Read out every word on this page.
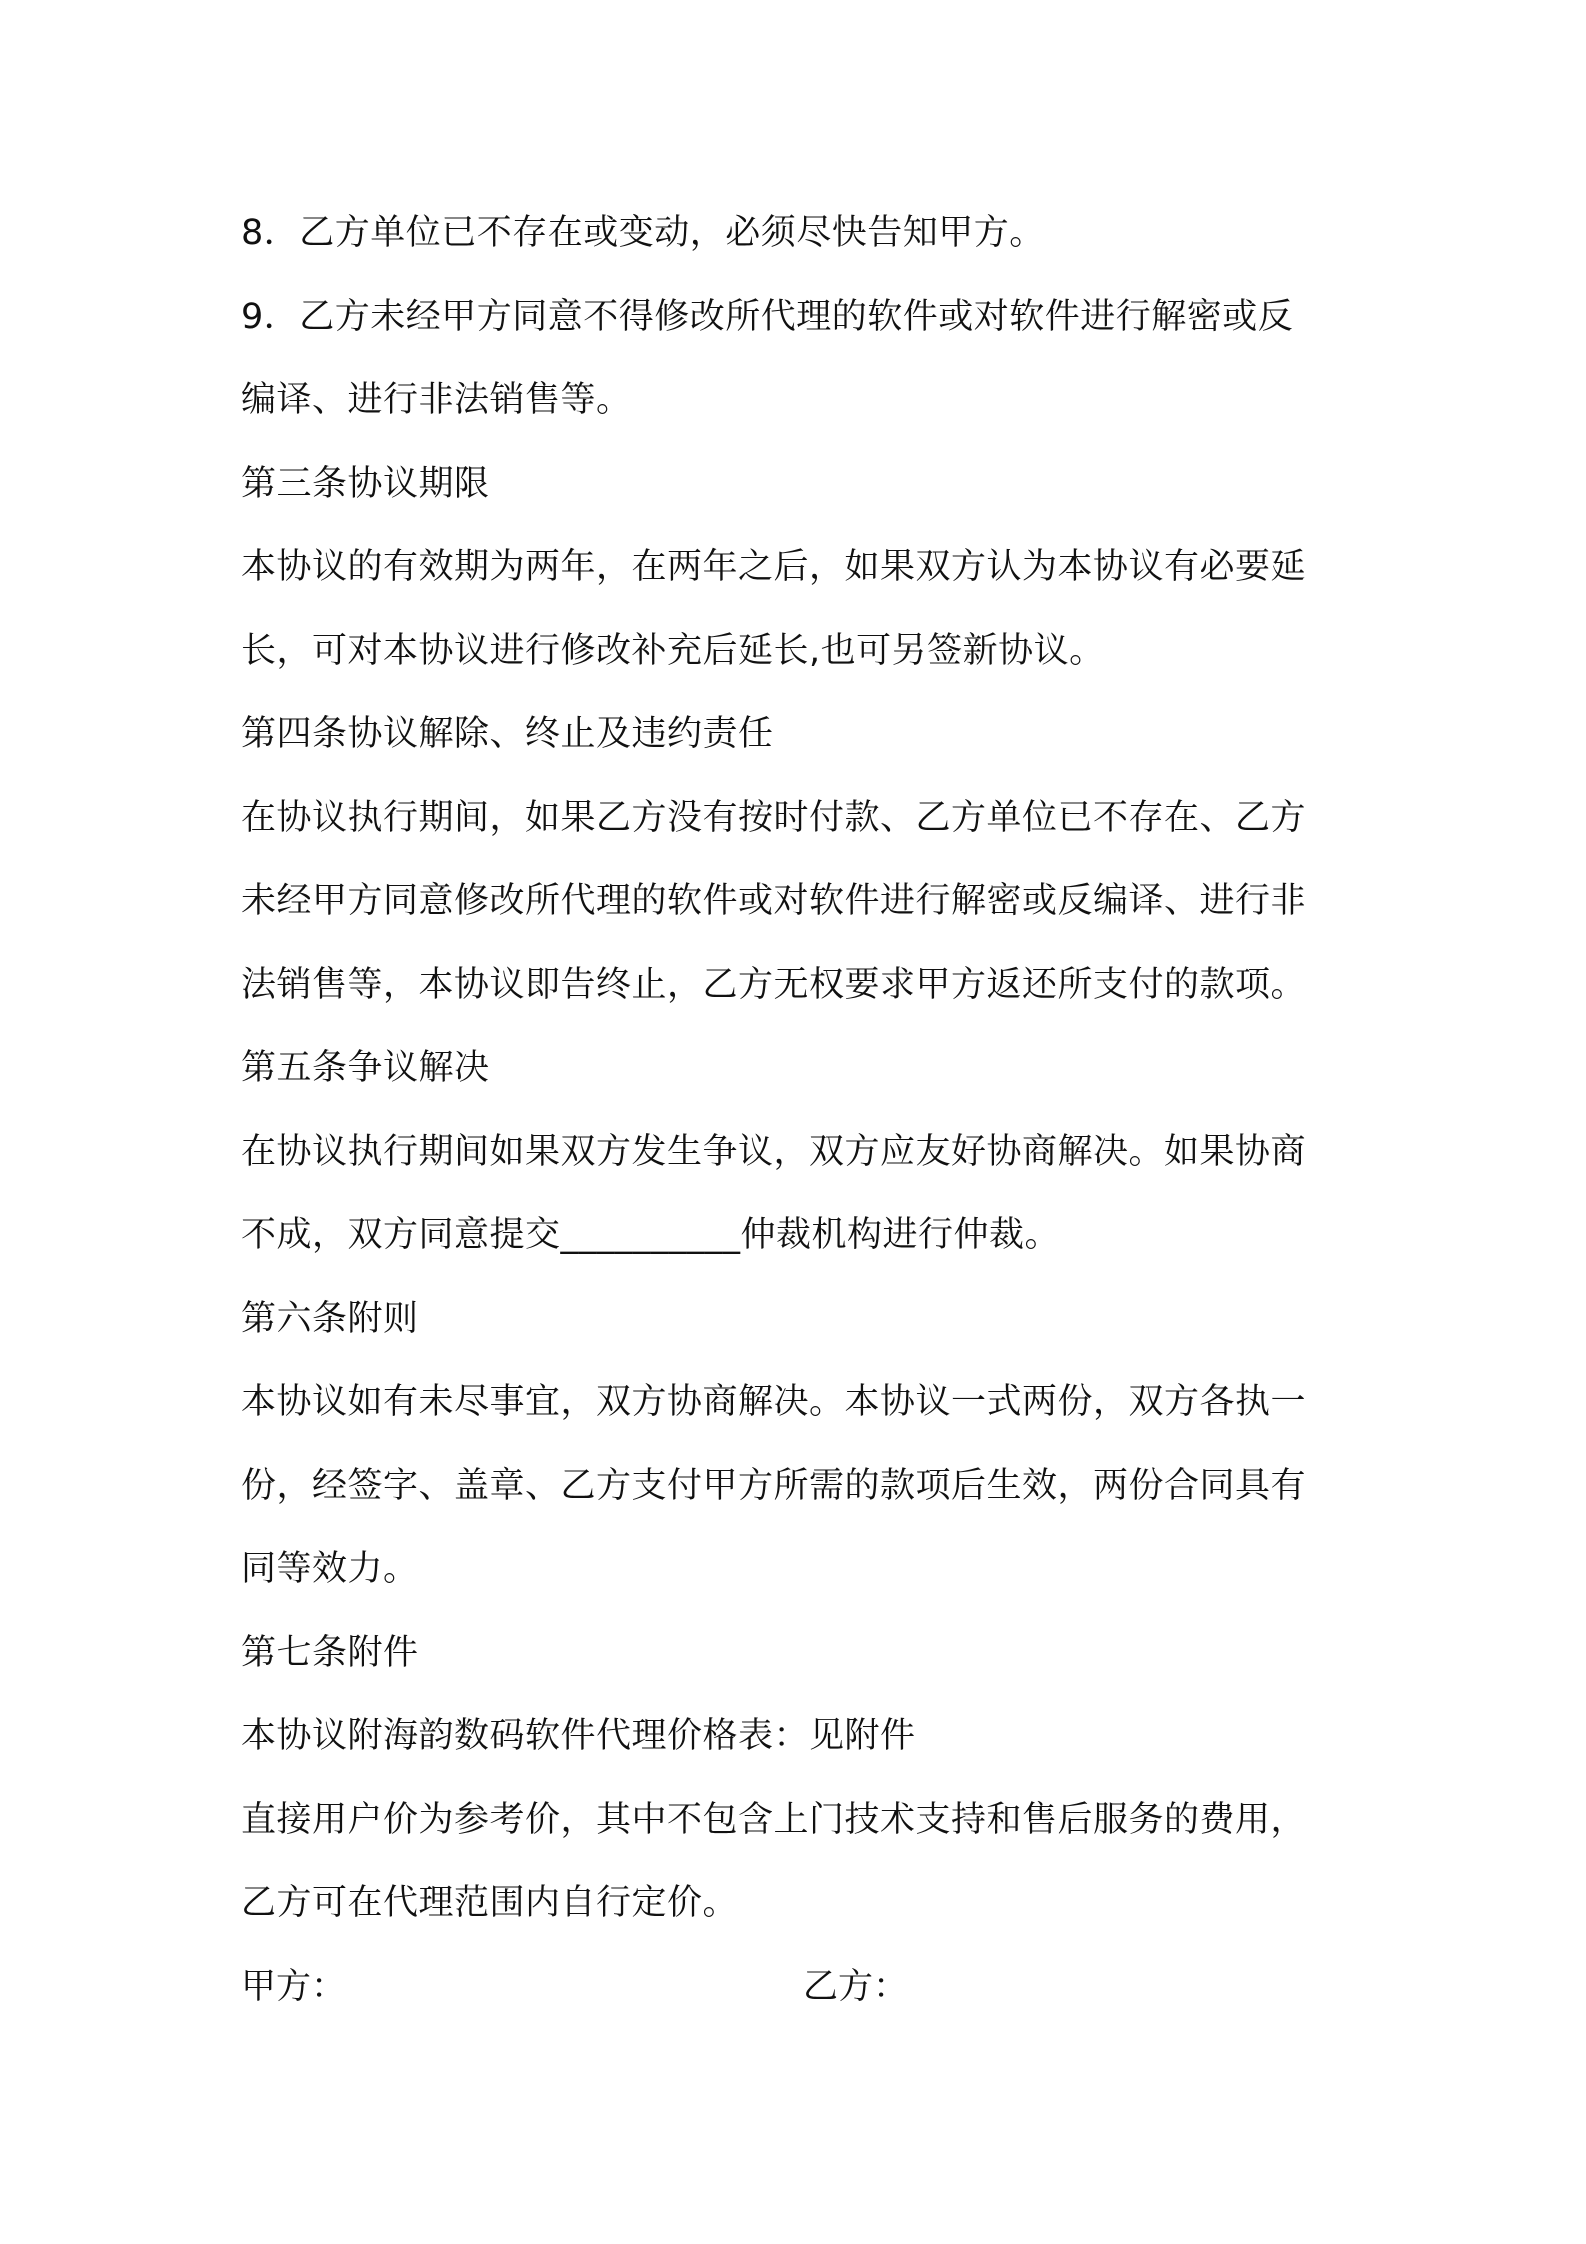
8．乙方单位已不存在或变动，必须尽快告知甲方。
9．乙方未经甲方同意不得修改所代理的软件或对软件进行解密或反
编译、进行非法销售等。
第三条协议期限
本协议的有效期为两年，在两年之后，如果双方认为本协议有必要延
长，可对本协议进行修改补充后延长,也可另签新协议。
第四条协议解除、终止及违约责任
在协议执行期间，如果乙方没有按时付款、乙方单位已不存在、乙方
未经甲方同意修改所代理的软件或对软件进行解密或反编译、进行非
法销售等，本协议即告终止，乙方无权要求甲方返还所支付的款项。
第五条争议解决
在协议执行期间如果双方发生争议，双方应友好协商解决。如果协商
不成，双方同意提交__________仲裁机构进行仲裁。
第六条附则
本协议如有未尽事宜，双方协商解决。本协议一式两份，双方各执一
份，经签字、盖章、乙方支付甲方所需的款项后生效，两份合同具有
同等效力。
第七条附件
本协议附海韵数码软件代理价格表：见附件
直接用户价为参考价，其中不包含上门技术支持和售后服务的费用，
乙方可在代理范围内自行定价。
甲方：	乙方：
